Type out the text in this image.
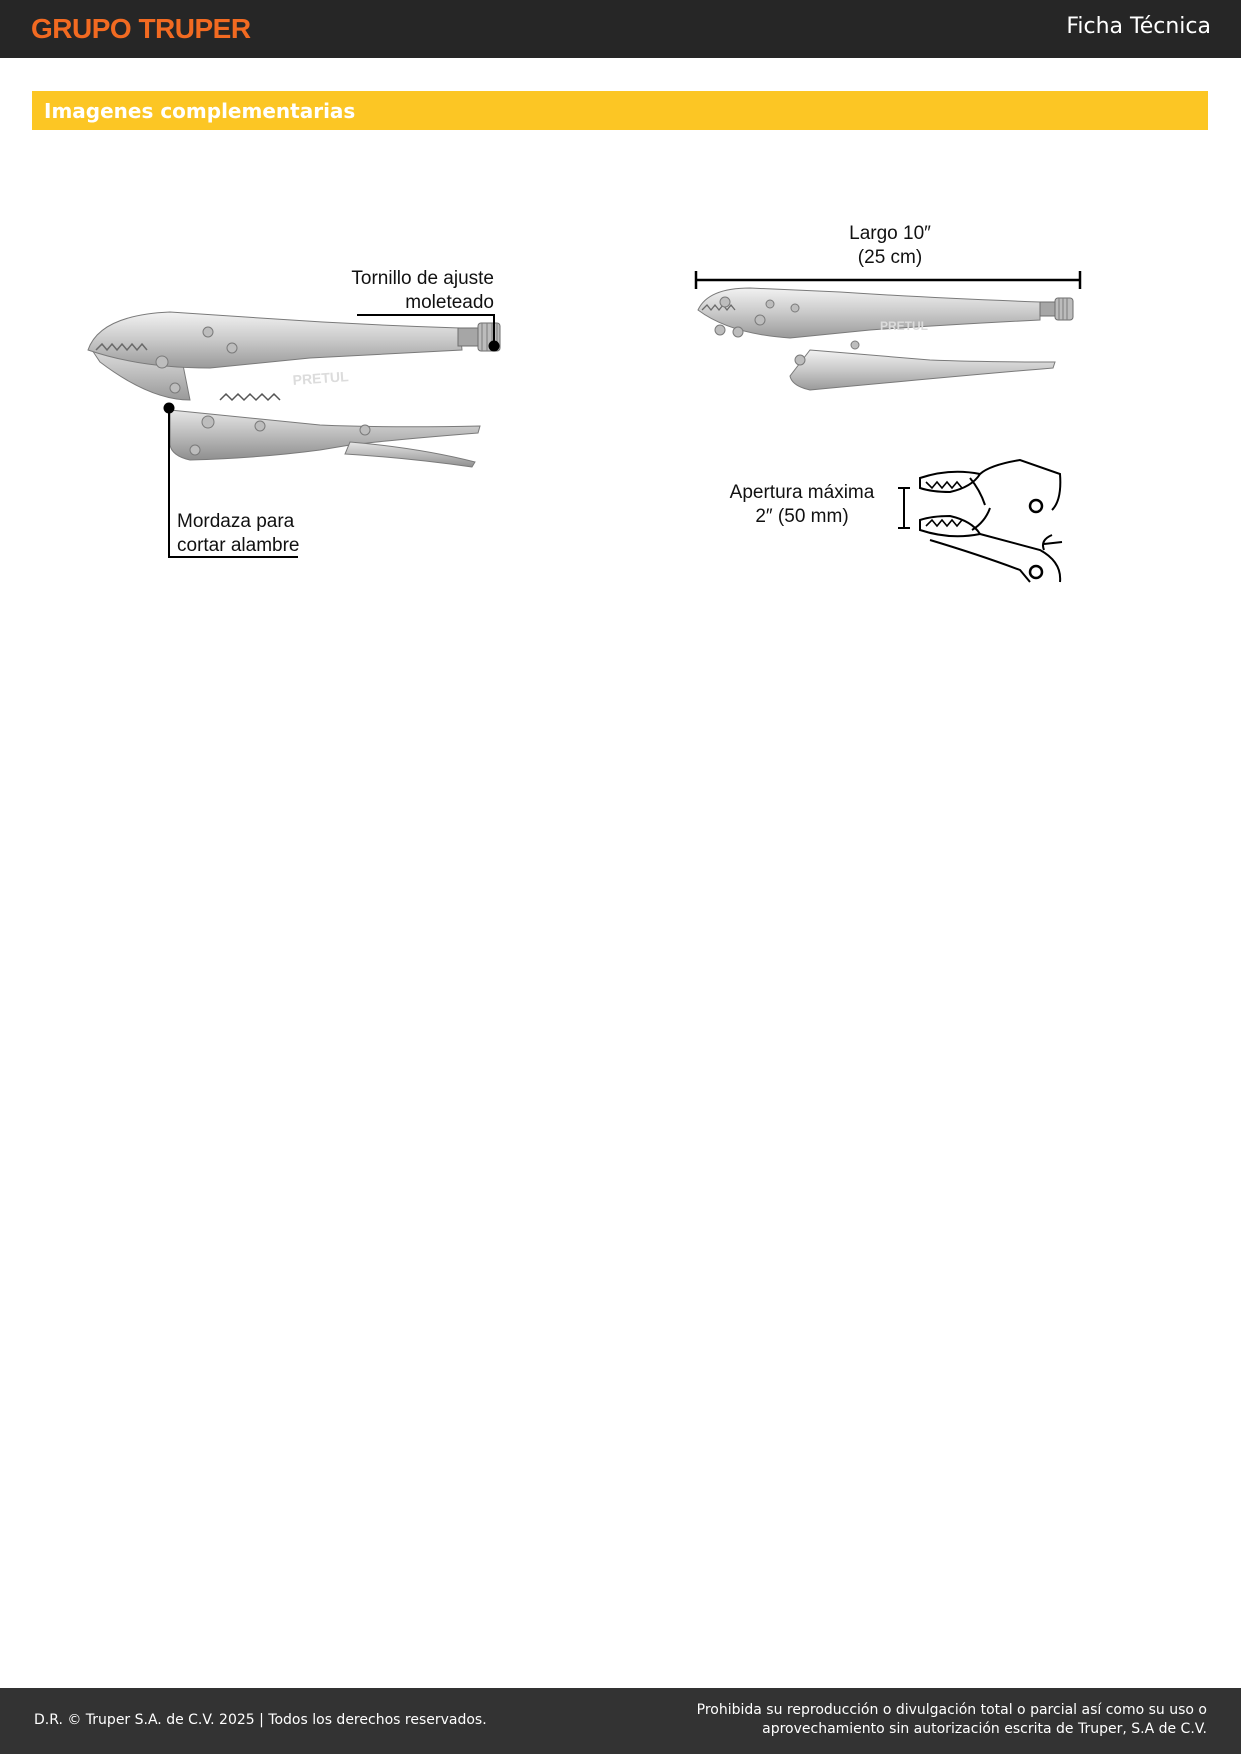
GRUPO TRUPER	Ficha Técnica
Imagenes complementarias
PRETUL
Tornillo de ajuste
moleteado
Mordaza para
cortar alambre
PRETUL
Largo 10″
(25 cm)
Apertura máxima
2″ (50 mm)
D.R. © Truper S.A. de C.V. 2025 | Todos los derechos reservados.
Prohibida su reproducción o divulgación total o parcial así como su uso o
aprovechamiento sin autorización escrita de Truper, S.A de C.V.
